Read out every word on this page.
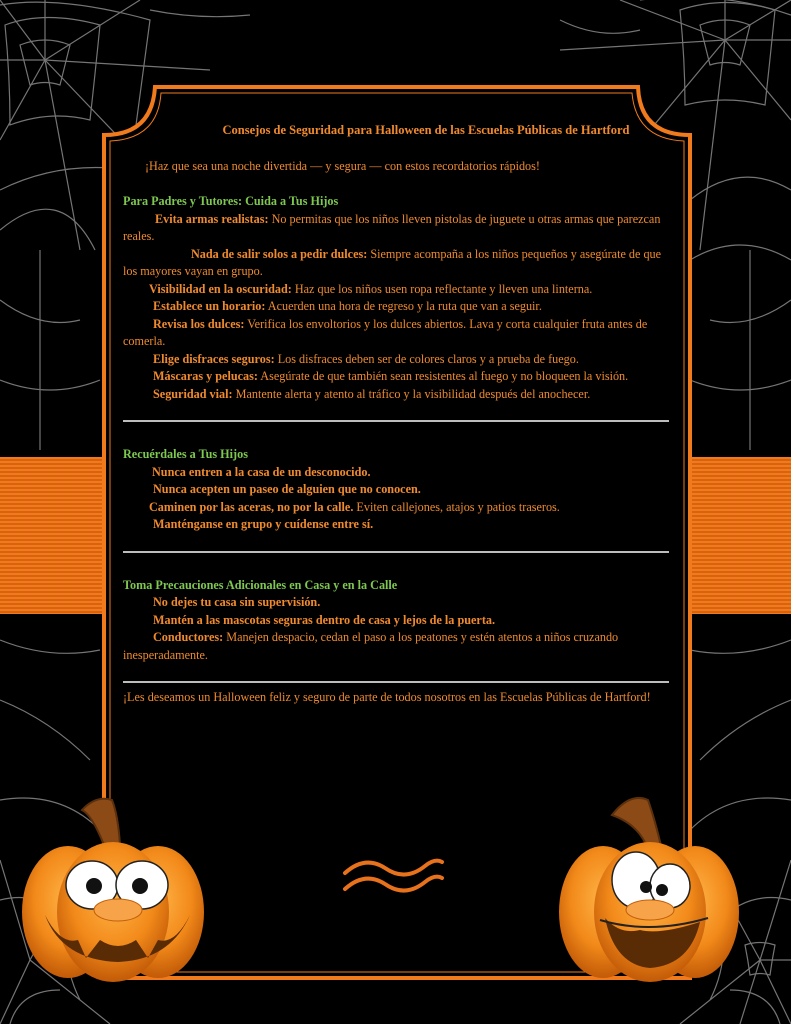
Consejos de Seguridad para Halloween de las Escuelas Públicas de Hartford

¡Haz que sea una noche divertida — y segura — con estos recordatorios rápidos!

Para Padres y Tutores: Cuida a Tus Hijos

Evita armas realistas: No permitas que los niños lleven pistolas de juguete u otras armas que parezcan reales.

Nada de salir solos a pedir dulces: Siempre acompaña a los niños pequeños y asegúrate de que los mayores vayan en grupo.

Visibilidad en la oscuridad: Haz que los niños usen ropa reflectante y lleven una linterna.

Establece un horario: Acuerden una hora de regreso y la ruta que van a seguir.

Revisa los dulces: Verifica los envoltorios y los dulces abiertos. Lava y corta cualquier fruta antes de comerla.

Elige disfraces seguros: Los disfraces deben ser de colores claros y a prueba de fuego.

Máscaras y pelucas: Asegúrate de que también sean resistentes al fuego y no bloqueen la visión.

Seguridad vial: Mantente alerta y atento al tráfico y la visibilidad después del anochecer.

Recuérdales a Tus Hijos

Nunca entren a la casa de un desconocido.

Nunca acepten un paseo de alguien que no conocen.

Caminen por las aceras, no por la calle. Eviten callejones, atajos y patios traseros.

Manténganse en grupo y cuídense entre sí.

Toma Precauciones Adicionales en Casa y en la Calle

No dejes tu casa sin supervisión.

Mantén a las mascotas seguras dentro de casa y lejos de la puerta.

Conductores: Manejen despacio, cedan el paso a los peatones y estén atentos a niños cruzando inesperadamente.

¡Les deseamos un Halloween feliz y seguro de parte de todos nosotros en las Escuelas Públicas de Hartford!
